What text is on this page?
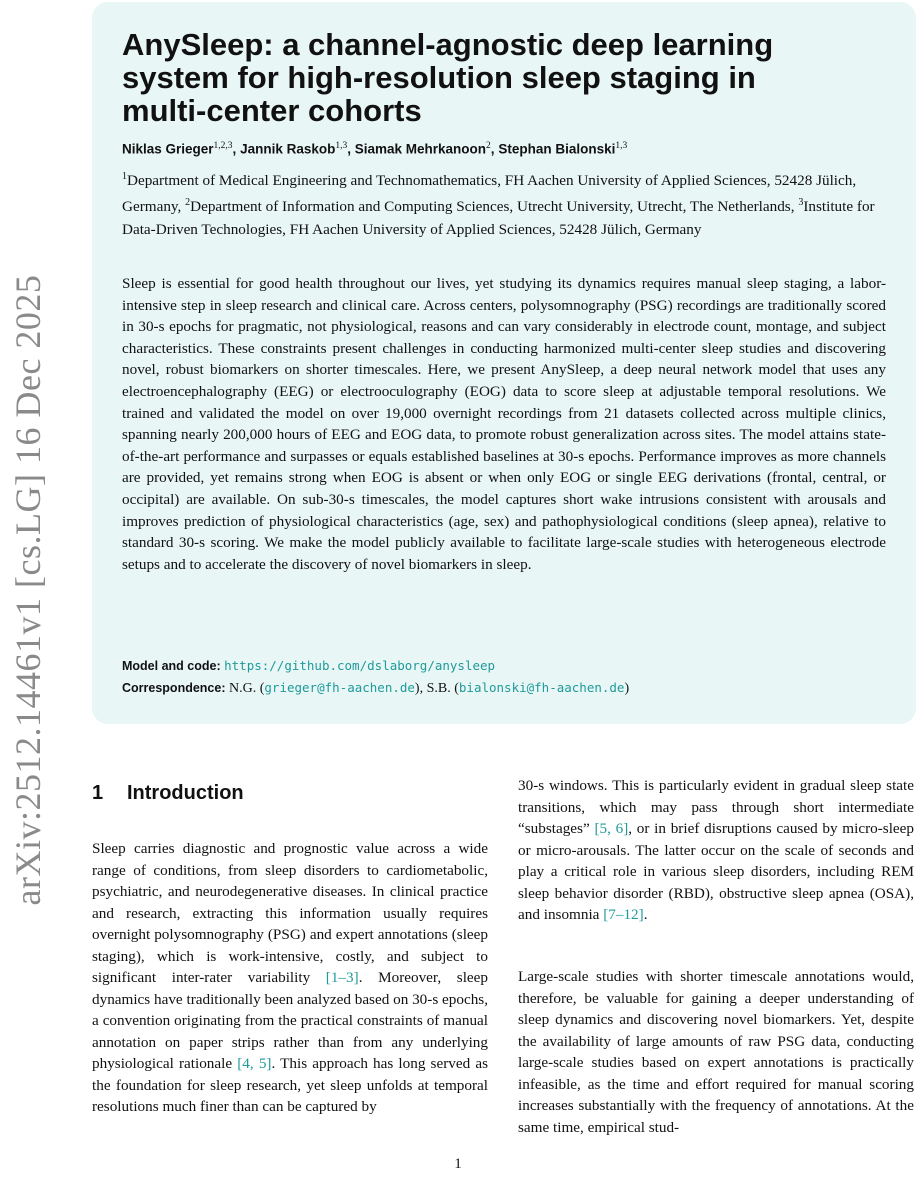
arXiv:2512.14461v1 [cs.LG] 16 Dec 2025
AnySleep: a channel-agnostic deep learning system for high-resolution sleep staging in multi-center cohorts
Niklas Grieger$^{1,2,3}$, Jannik Raskob$^{1,3}$, Siamak Mehrkanoon$^2$, Stephan Bialonski$^{1,3}$
$^1$Department of Medical Engineering and Technomathematics, FH Aachen University of Applied Sciences, 52428 Jülich, Germany, $^2$Department of Information and Computing Sciences, Utrecht University, Utrecht, The Netherlands, $^3$Institute for Data-Driven Technologies, FH Aachen University of Applied Sciences, 52428 Jülich, Germany

Sleep is essential for good health throughout our lives, yet studying its dynamics requires manual sleep staging, a labor-intensive step in sleep research and clinical care. Across centers, polysomnography (PSG) recordings are traditionally scored in 30-s epochs for pragmatic, not physiological, reasons and can vary considerably in electrode count, montage, and subject characteristics. These constraints present challenges in conducting harmonized multi-center sleep studies and discovering novel, robust biomarkers on shorter timescales. Here, we present AnySleep, a deep neural network model that uses any electroencephalography (EEG) or electrooculography (EOG) data to score sleep at adjustable temporal resolutions. We trained and validated the model on over 19,000 overnight recordings from 21 datasets collected across multiple clinics, spanning nearly 200,000 hours of EEG and EOG data, to promote robust generalization across sites. The model attains state-of-the-art performance and surpasses or equals established baselines at 30-s epochs. Performance improves as more channels are provided, yet remains strong when EOG is absent or when only EOG or single EEG derivations (frontal, central, or occipital) are available. On sub-30-s timescales, the model captures short wake intrusions consistent with arousals and improves prediction of physiological characteristics (age, sex) and pathophysiological conditions (sleep apnea), relative to standard 30-s scoring. We make the model publicly available to facilitate large-scale studies with heterogeneous electrode setups and to accelerate the discovery of novel biomarkers in sleep.

Model and code: https://github.com/dslaborg/anysleep
Correspondence: N.G. (grieger@fh-aachen.de), S.B. (bialonski@fh-aachen.de)
1 Introduction

Sleep carries diagnostic and prognostic value across a wide range of conditions, from sleep disorders to cardiometabolic, psychiatric, and neurodegenerative diseases. In clinical practice and research, extracting this information usually requires overnight polysomnography (PSG) and expert annotations (sleep staging), which is work-intensive, costly, and subject to significant inter-rater variability [1–3]. Moreover, sleep dynamics have traditionally been analyzed based on 30-s epochs, a convention originating from the practical constraints of manual annotation on paper strips rather than from any underlying physiological rationale [4, 5]. This approach has long served as the foundation for sleep research, yet sleep unfolds at temporal resolutions much finer than can be captured by

30-s windows. This is particularly evident in gradual sleep state transitions, which may pass through short intermediate “substages” [5, 6], or in brief disruptions caused by micro-sleep or micro-arousals. The latter occur on the scale of seconds and play a critical role in various sleep disorders, including REM sleep behavior disorder (RBD), obstructive sleep apnea (OSA), and insomnia [7–12].

Large-scale studies with shorter timescale annotations would, therefore, be valuable for gaining a deeper understanding of sleep dynamics and discovering novel biomarkers. Yet, despite the availability of large amounts of raw PSG data, conducting large-scale studies based on expert annotations is practically infeasible, as the time and effort required for manual scoring increases substantially with the frequency of annotations. At the same time, empirical stud-

1
